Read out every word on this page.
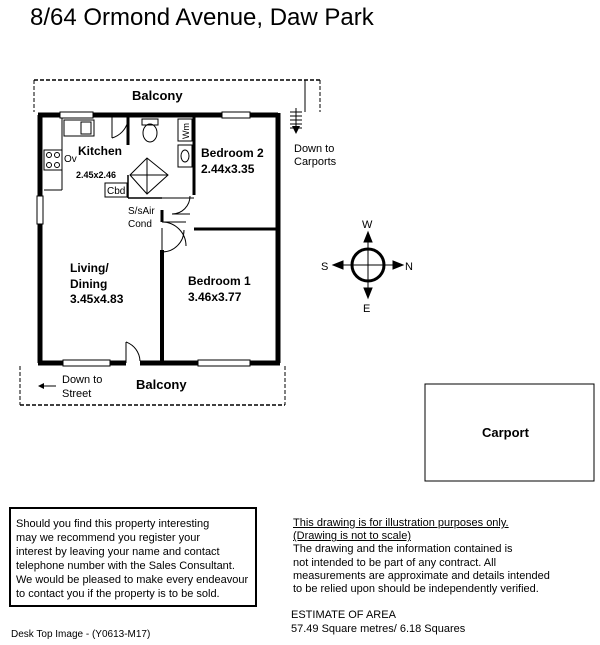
8/64 Ormond Avenue, Daw Park
Balcony
Kitchen
2.45x2.46
Ov
Wm
Cbd
S/sAir
Cond
Bedroom 2
2.44x3.35
Bedroom 1
3.46x3.77
Living/
Dining
3.45x4.83
Down to
Carports
Down to
Street
Balcony
Carport
W
E
S	N
Should you find this property interesting
may we recommend you register your
interest by leaving your name and contact
telephone number with the Sales Consultant.
We would be pleased to make every endeavour
to contact you if the property is to be sold.
This drawing is for illustration purposes only.
(Drawing is not to scale)
The drawing and the information contained is
not intended to be part of any contract. All
measurements are approximate and details intended
to be relied upon should be independently verified.
ESTIMATE OF AREA
57.49 Square metres/ 6.18 Squares
Desk Top Image - (Y0613-M17)
